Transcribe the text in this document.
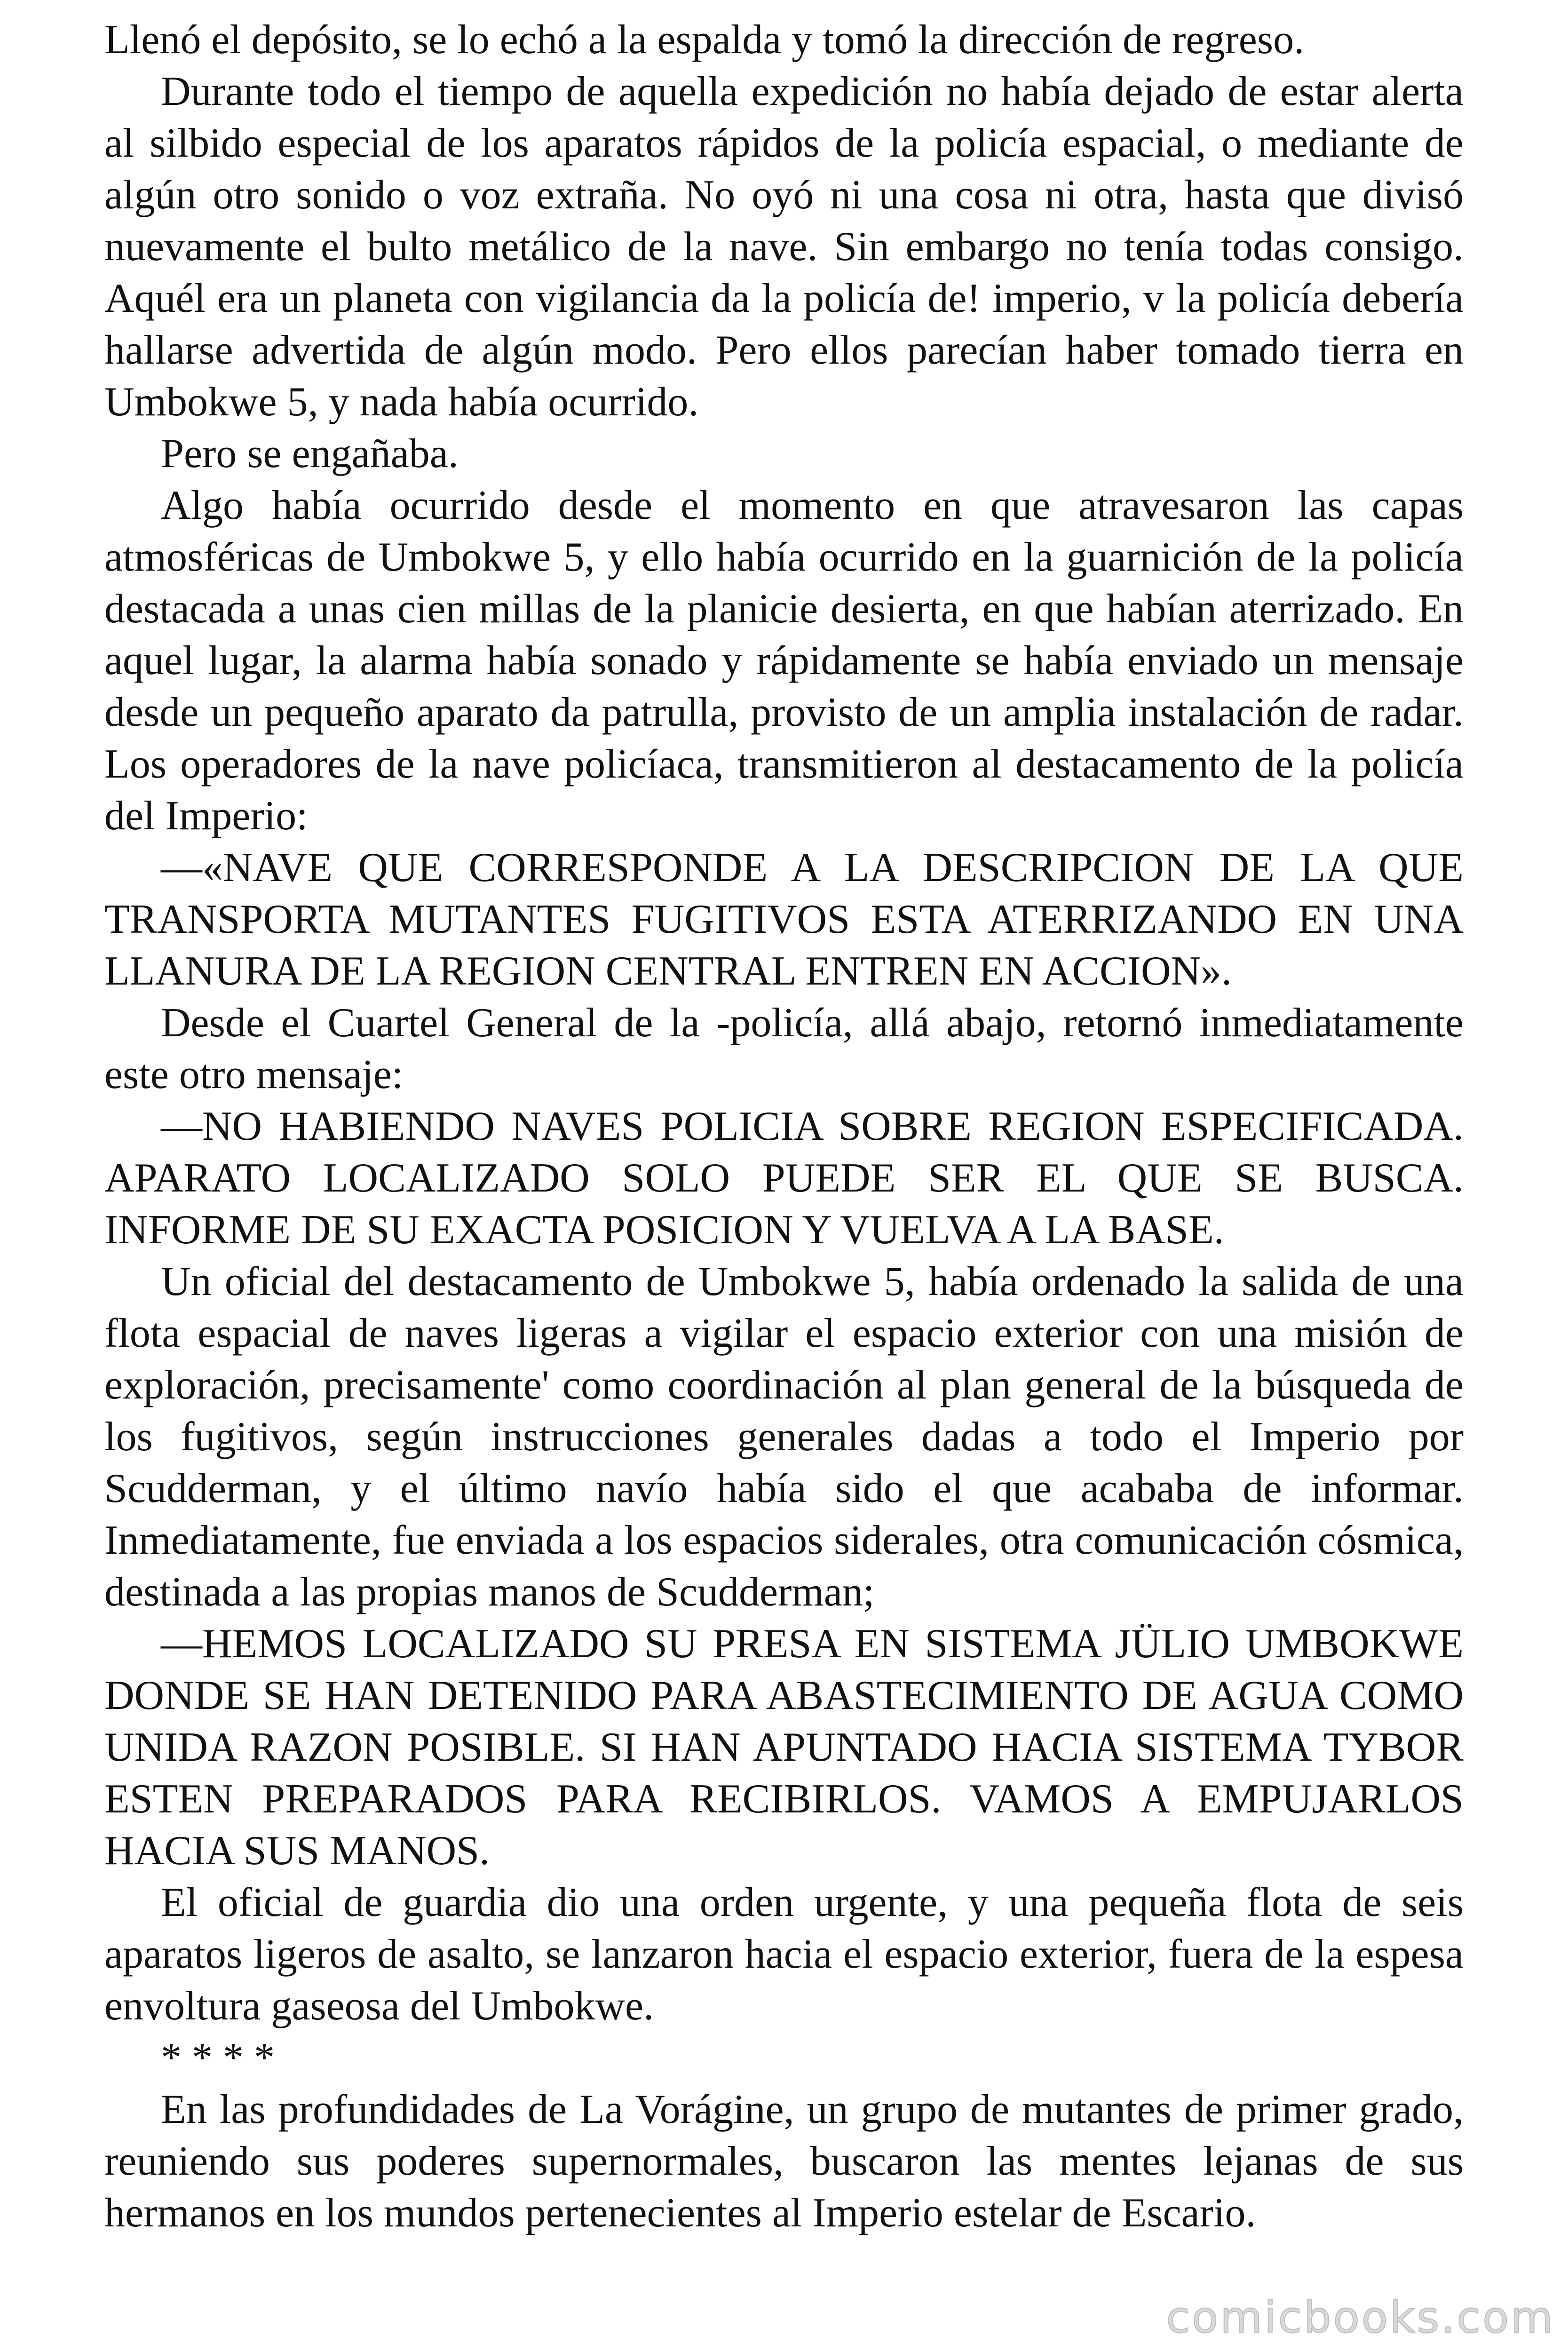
Llenó el depósito, se lo echó a la espalda y tomó la dirección de regreso.

Durante todo el tiempo de aquella expedición no había dejado de estar alerta al silbido especial de los aparatos rápidos de la policía espacial, o mediante de algún otro sonido o voz extraña. No oyó ni una cosa ni otra, hasta que divisó nuevamente el bulto metálico de la nave. Sin embargo no tenía todas consigo. Aquél era un planeta con vigilancia da la policía de! imperio, v la policía debería hallarse advertida de algún modo. Pero ellos parecían haber tomado tierra en Umbokwe 5, y nada había ocurrido.

Pero se engañaba.

Algo había ocurrido desde el momento en que atravesaron las capas atmosféricas de Umbokwe 5, y ello había ocurrido en la guarnición de la policía destacada a unas cien millas de la planicie desierta, en que habían aterrizado. En aquel lugar, la alarma había sonado y rápidamente se había enviado un mensaje desde un pequeño aparato da patrulla, provisto de un amplia instalación de radar. Los operadores de la nave policíaca, transmitieron al destacamento de la policía del Imperio:

—«NAVE QUE CORRESPONDE A LA DESCRIPCION DE LA QUE TRANSPORTA MUTANTES FUGITIVOS ESTA ATERRIZANDO EN UNA LLANURA DE LA REGION CENTRAL ENTREN EN ACCION».

Desde el Cuartel General de la -policía, allá abajo, retornó inmediatamente este otro mensaje:

—NO HABIENDO NAVES POLICIA SOBRE REGION ESPECIFICADA. APARATO LOCALIZADO SOLO PUEDE SER EL QUE SE BUSCA. INFORME DE SU EXACTA POSICION Y VUELVA A LA BASE.

Un oficial del destacamento de Umbokwe 5, había ordenado la salida de una flota espacial de naves ligeras a vigilar el espacio exterior con una misión de exploración, precisamente' como coordinación al plan general de la búsqueda de los fugitivos, según instrucciones generales dadas a todo el Imperio por Scudderman, y el último navío había sido el que acababa de informar. Inmediatamente, fue enviada a los espacios siderales, otra comunicación cósmica, destinada a las propias manos de Scudderman;

—HEMOS LOCALIZADO SU PRESA EN SISTEMA JÜLIO UMBOKWE DONDE SE HAN DETENIDO PARA ABASTECIMIENTO DE AGUA COMO UNIDA RAZON POSIBLE. SI HAN APUNTADO HACIA SISTEMA TYBOR ESTEN PREPARADOS PARA RECIBIRLOS. VAMOS A EMPUJARLOS HACIA SUS MANOS.

El oficial de guardia dio una orden urgente, y una pequeña flota de seis aparatos ligeros de asalto, se lanzaron hacia el espacio exterior, fuera de la espesa envoltura gaseosa del Umbokwe.

* * * *

En las profundidades de La Vorágine, un grupo de mutantes de primer grado, reuniendo sus poderes supernormales, buscaron las mentes lejanas de sus hermanos en los mundos pertenecientes al Imperio estelar de Escario.

comicbooks.com
